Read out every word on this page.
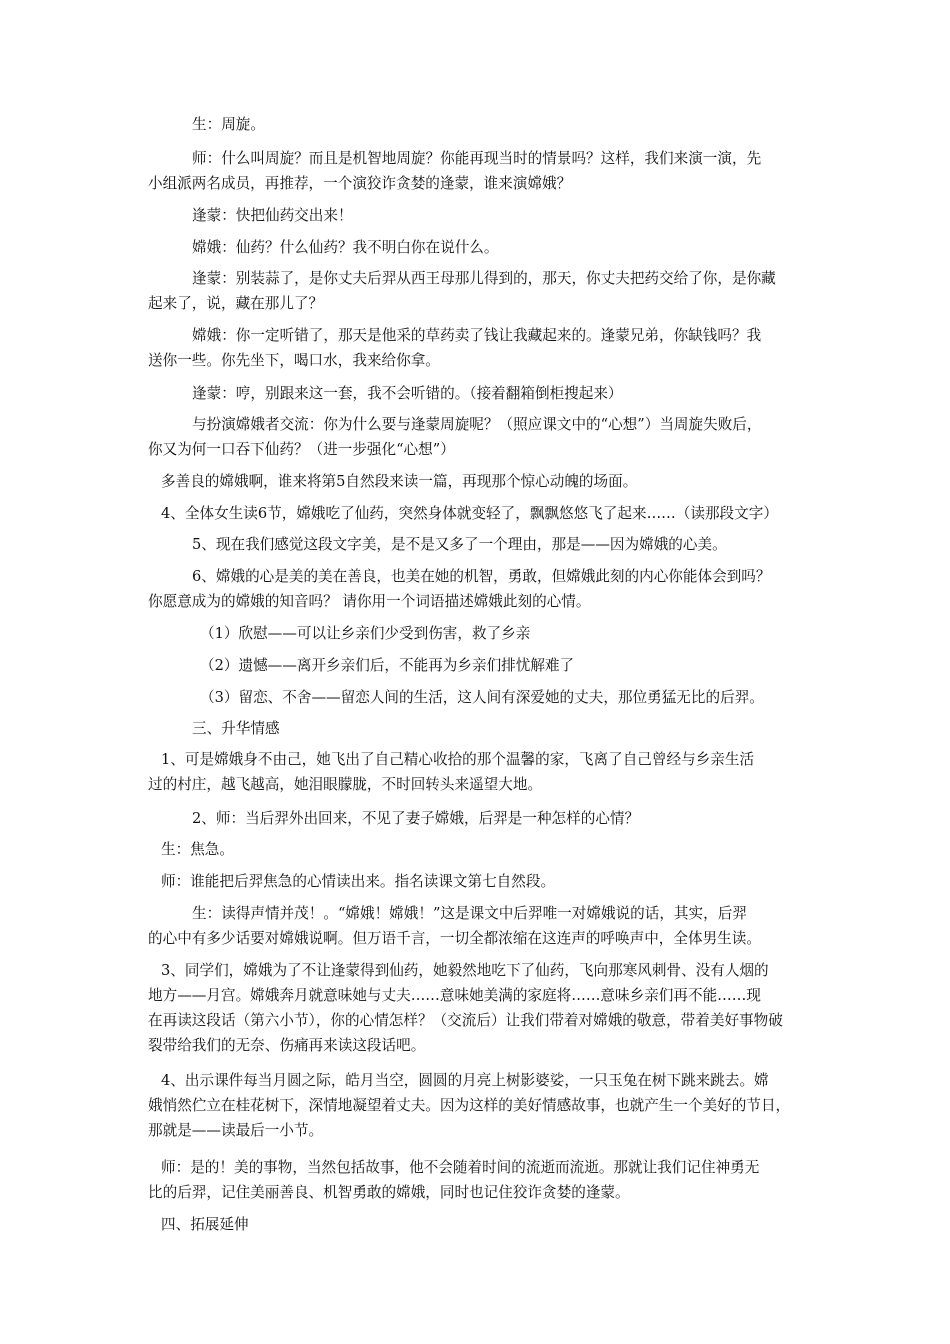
生：周旋。
师：什么叫周旋？而且是机智地周旋？你能再现当时的情景吗？这样，我们来演一演，先
小组派两名成员，再推荐，一个演狡诈贪婪的逢蒙，谁来演嫦娥？
逢蒙：快把仙药交出来！
嫦娥：仙药？什么仙药？我不明白你在说什么。
逢蒙：别装蒜了，是你丈夫后羿从西王母那儿得到的，那天，你丈夫把药交给了你，是你藏
起来了，说，藏在那儿了？
嫦娥：你一定听错了，那天是他采的草药卖了钱让我藏起来的。逢蒙兄弟，你缺钱吗？我
送你一些。你先坐下，喝口水，我来给你拿。
逢蒙：哼，别跟来这一套，我不会听错的。（接着翻箱倒柜搜起来）
与扮演嫦娥者交流：你为什么要与逢蒙周旋呢？（照应课文中的“心想”）当周旋失败后，
你又为何一口吞下仙药？（进一步强化“心想”）
多善良的嫦娥啊，谁来将第5自然段来读一篇，再现那个惊心动魄的场面。
4、全体女生读6节，嫦娥吃了仙药，突然身体就变轻了，飘飘悠悠飞了起来……（读那段文字）
5、现在我们感觉这段文字美，是不是又多了一个理由，那是——因为嫦娥的心美。
6、嫦娥的心是美的美在善良，也美在她的机智，勇敢，但嫦娥此刻的内心你能体会到吗？
你愿意成为的嫦娥的知音吗？ 请你用一个词语描述嫦娥此刻的心情。
（1）欣慰——可以让乡亲们少受到伤害，救了乡亲
（2）遗憾——离开乡亲们后，不能再为乡亲们排忧解难了
（3）留恋、不舍——留恋人间的生活，这人间有深爱她的丈夫，那位勇猛无比的后羿。
三、升华情感
1、可是嫦娥身不由己，她飞出了自己精心收拾的那个温馨的家，飞离了自己曾经与乡亲生活
过的村庄，越飞越高，她泪眼朦胧，不时回转头来遥望大地。
2、师：当后羿外出回来，不见了妻子嫦娥，后羿是一种怎样的心情？
生：焦急。
师：谁能把后羿焦急的心情读出来。指名读课文第七自然段。
生：读得声情并茂！。“嫦娥！嫦娥！”这是课文中后羿唯一对嫦娥说的话，其实，后羿
的心中有多少话要对嫦娥说啊。但万语千言，一切全都浓缩在这连声的呼唤声中，全体男生读。
3、同学们，嫦娥为了不让逢蒙得到仙药，她毅然地吃下了仙药，飞向那寒风刺骨、没有人烟的
地方——月宫。嫦娥奔月就意味她与丈夫……意味她美满的家庭将……意味乡亲们再不能……现
在再读这段话（第六小节），你的心情怎样？（交流后）让我们带着对嫦娥的敬意，带着美好事物破
裂带给我们的无奈、伤痛再来读这段话吧。
4、出示课件每当月圆之际，皓月当空，圆圆的月亮上树影婆娑，一只玉兔在树下跳来跳去。嫦
娥悄然伫立在桂花树下，深情地凝望着丈夫。因为这样的美好情感故事，也就产生一个美好的节日，
那就是——读最后一小节。
师：是的！美的事物，当然包括故事，他不会随着时间的流逝而流逝。那就让我们记住神勇无
比的后羿，记住美丽善良、机智勇敢的嫦娥，同时也记住狡诈贪婪的逢蒙。
四、拓展延伸
